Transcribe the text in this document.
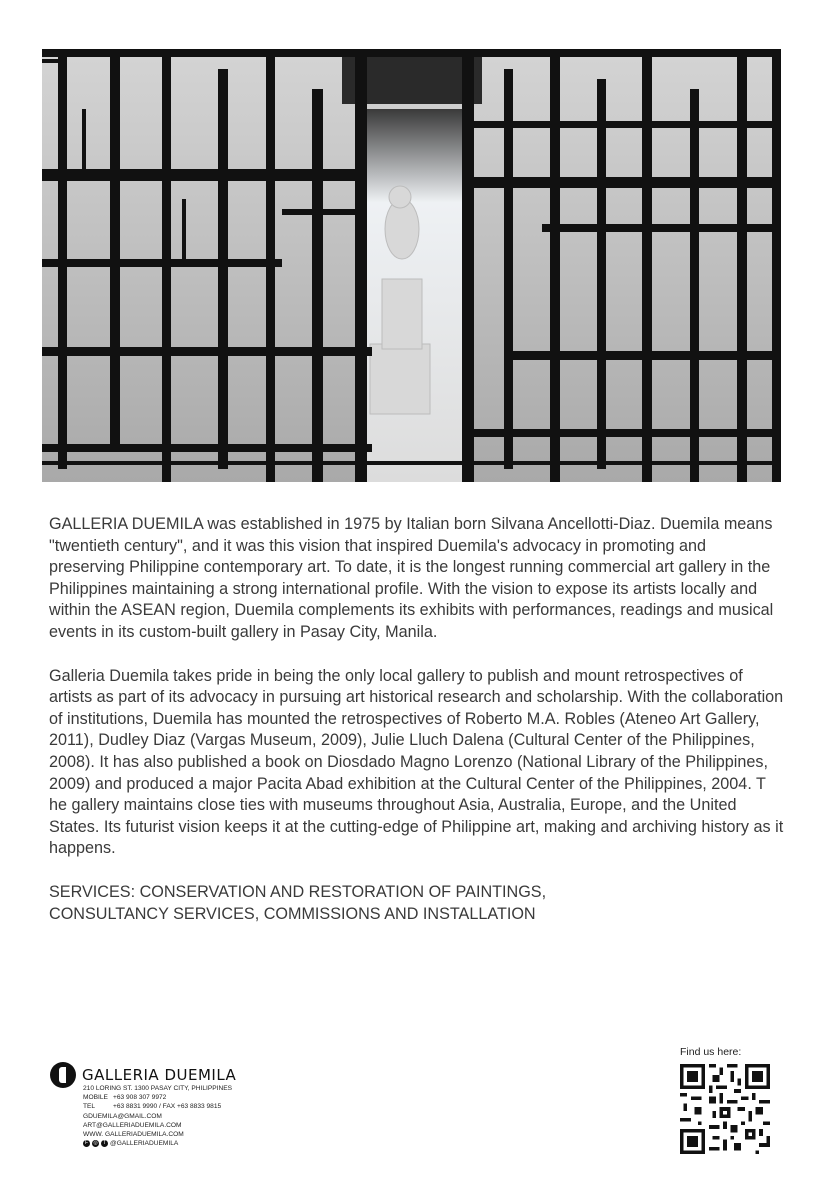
GALLERIA DUEMILA was established in 1975 by Italian born Silvana Ancellotti-Diaz. Duemila means "twentieth century", and it was this vision that inspired Duemila's advocacy in promoting and preserving Philippine contemporary art. To date, it is the longest running commercial art gallery in the Philippines maintaining a strong international profile. With the vision to expose its artists locally and within the ASEAN region, Duemila complements its exhibits with performances, readings and musical events in its custom-built gallery in Pasay City, Manila.

Galleria Duemila takes pride in being the only local gallery to publish and mount retrospectives of artists as part of its advocacy in pursuing art historical research and scholarship. With the collaboration of institutions, Duemila has mounted the retrospectives of Roberto M.A. Robles (Ateneo Art Gallery, 2011), Dudley Diaz (Vargas Museum, 2009), Julie Lluch Dalena (Cultural Center of the Philippines, 2008). It has also published a book on Diosdado Magno Lorenzo (National Library of the Philippines, 2009) and produced a major Pacita Abad exhibition at the Cultural Center of the Philippines, 2004. T he gallery maintains close ties with museums throughout Asia, Australia, Europe, and the United States. Its futurist vision keeps it at the cutting-edge of Philippine art, making and archiving history as it happens.

SERVICES: CONSERVATION AND RESTORATION OF PAINTINGS,
CONSULTANCY SERVICES, COMMISSIONS AND INSTALLATION
GALLERIA DUEMILA
210 LORING ST. 1300 PASAY CITY, PHILIPPINES
MOBILE +63 908 307 9972
TEL	+63 8831 9990 / FAX +63 8833 9815
GDUEMILA@GMAIL.COM
ART@GALLERIADUEMILA.COM
WWW. GALLERIADUEMILA.COM
F	◎	T @GALLERIADUEMILA
Find us here:
